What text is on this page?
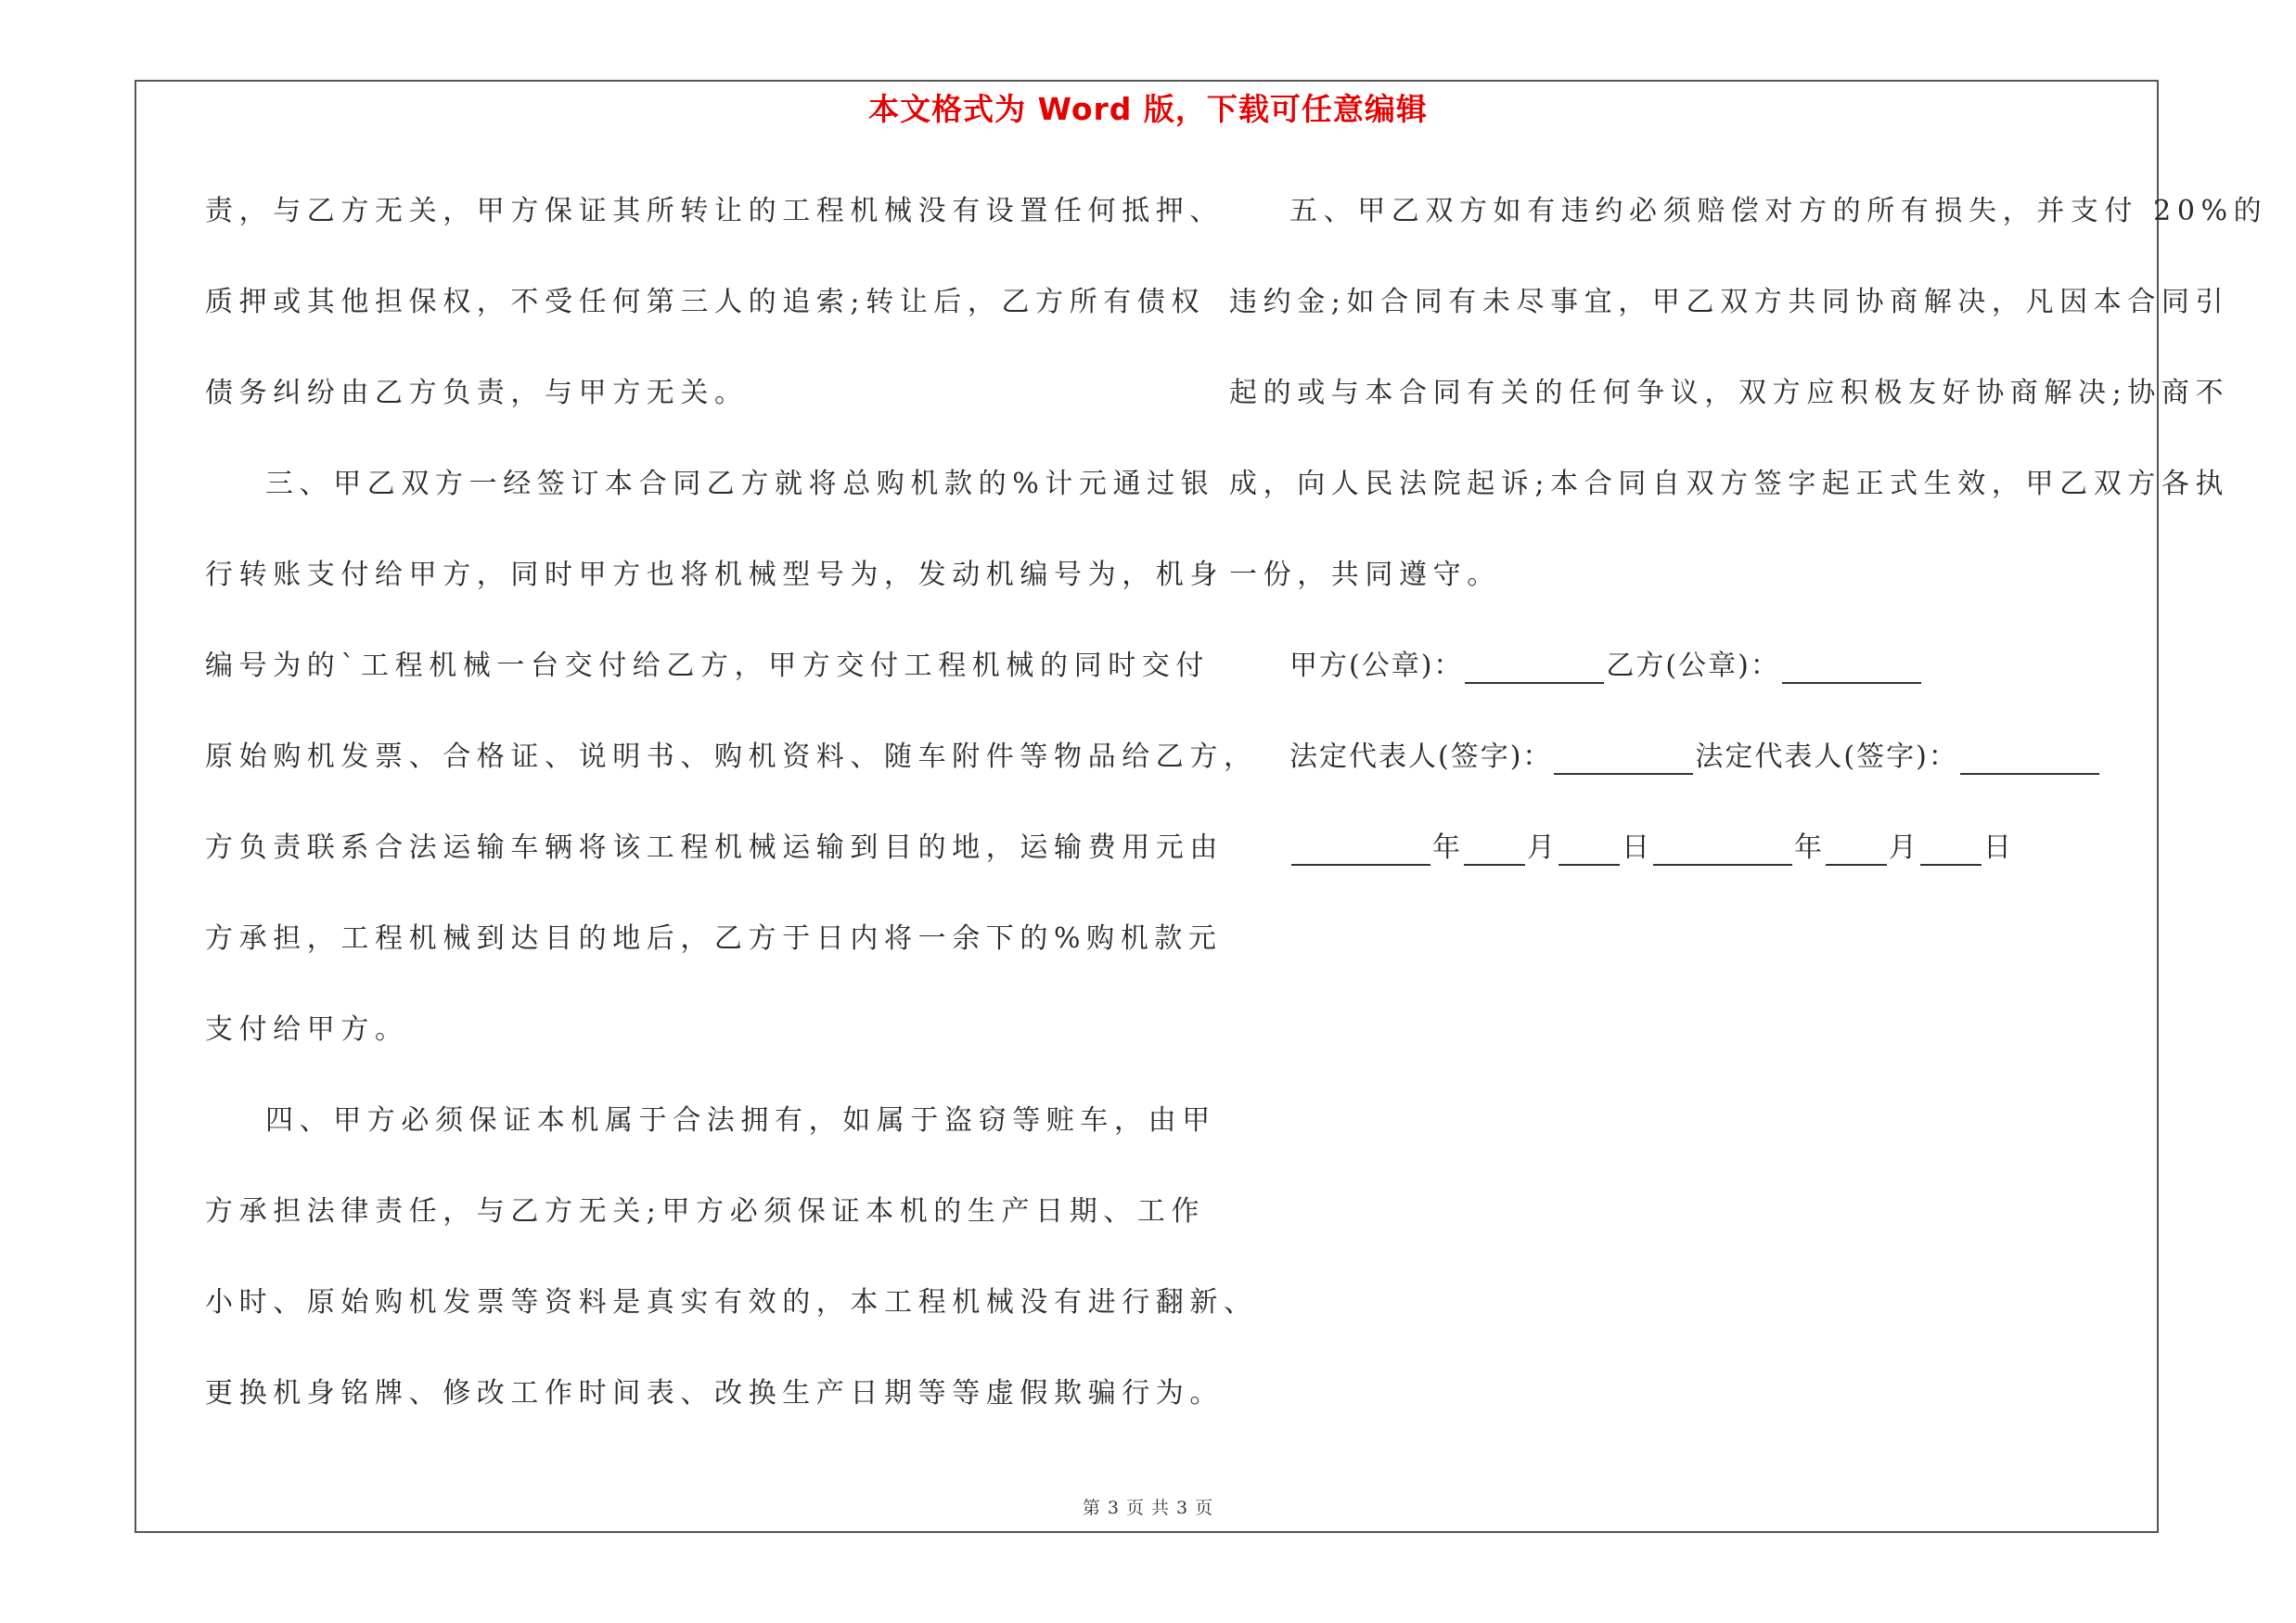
本文格式为 Word 版，下载可任意编辑
责，与乙方无关，甲方保证其所转让的工程机械没有设置任何抵押、
质押或其他担保权，不受任何第三人的追索;转让后，乙方所有债权
债务纠纷由乙方负责，与甲方无关。
三、甲乙双方一经签订本合同乙方就将总购机款的%计元通过银
行转账支付给甲方，同时甲方也将机械型号为，发动机编号为，机身
编号为的`工程机械一台交付给乙方，甲方交付工程机械的同时交付
原始购机发票、合格证、说明书、购机资料、随车附件等物品给乙方，
方负责联系合法运输车辆将该工程机械运输到目的地，运输费用元由
方承担，工程机械到达目的地后，乙方于日内将一余下的%购机款元
支付给甲方。
四、甲方必须保证本机属于合法拥有，如属于盗窃等赃车，由甲
方承担法律责任，与乙方无关;甲方必须保证本机的生产日期、工作
小时、原始购机发票等资料是真实有效的，本工程机械没有进行翻新、
更换机身铭牌、修改工作时间表、改换生产日期等等虚假欺骗行为。
五、甲乙双方如有违约必须赔偿对方的所有损失，并支付 20%的
违约金;如合同有未尽事宜，甲乙双方共同协商解决，凡因本合同引
起的或与本合同有关的任何争议，双方应积极友好协商解决;协商不
成，向人民法院起诉;本合同自双方签字起正式生效，甲乙双方各执
一份，共同遵守。
甲方(公章)：	乙方(公章)：
法定代表人(签字)：	法定代表人(签字)：
年 月 日	年 月 日
第 3 页 共 3 页
